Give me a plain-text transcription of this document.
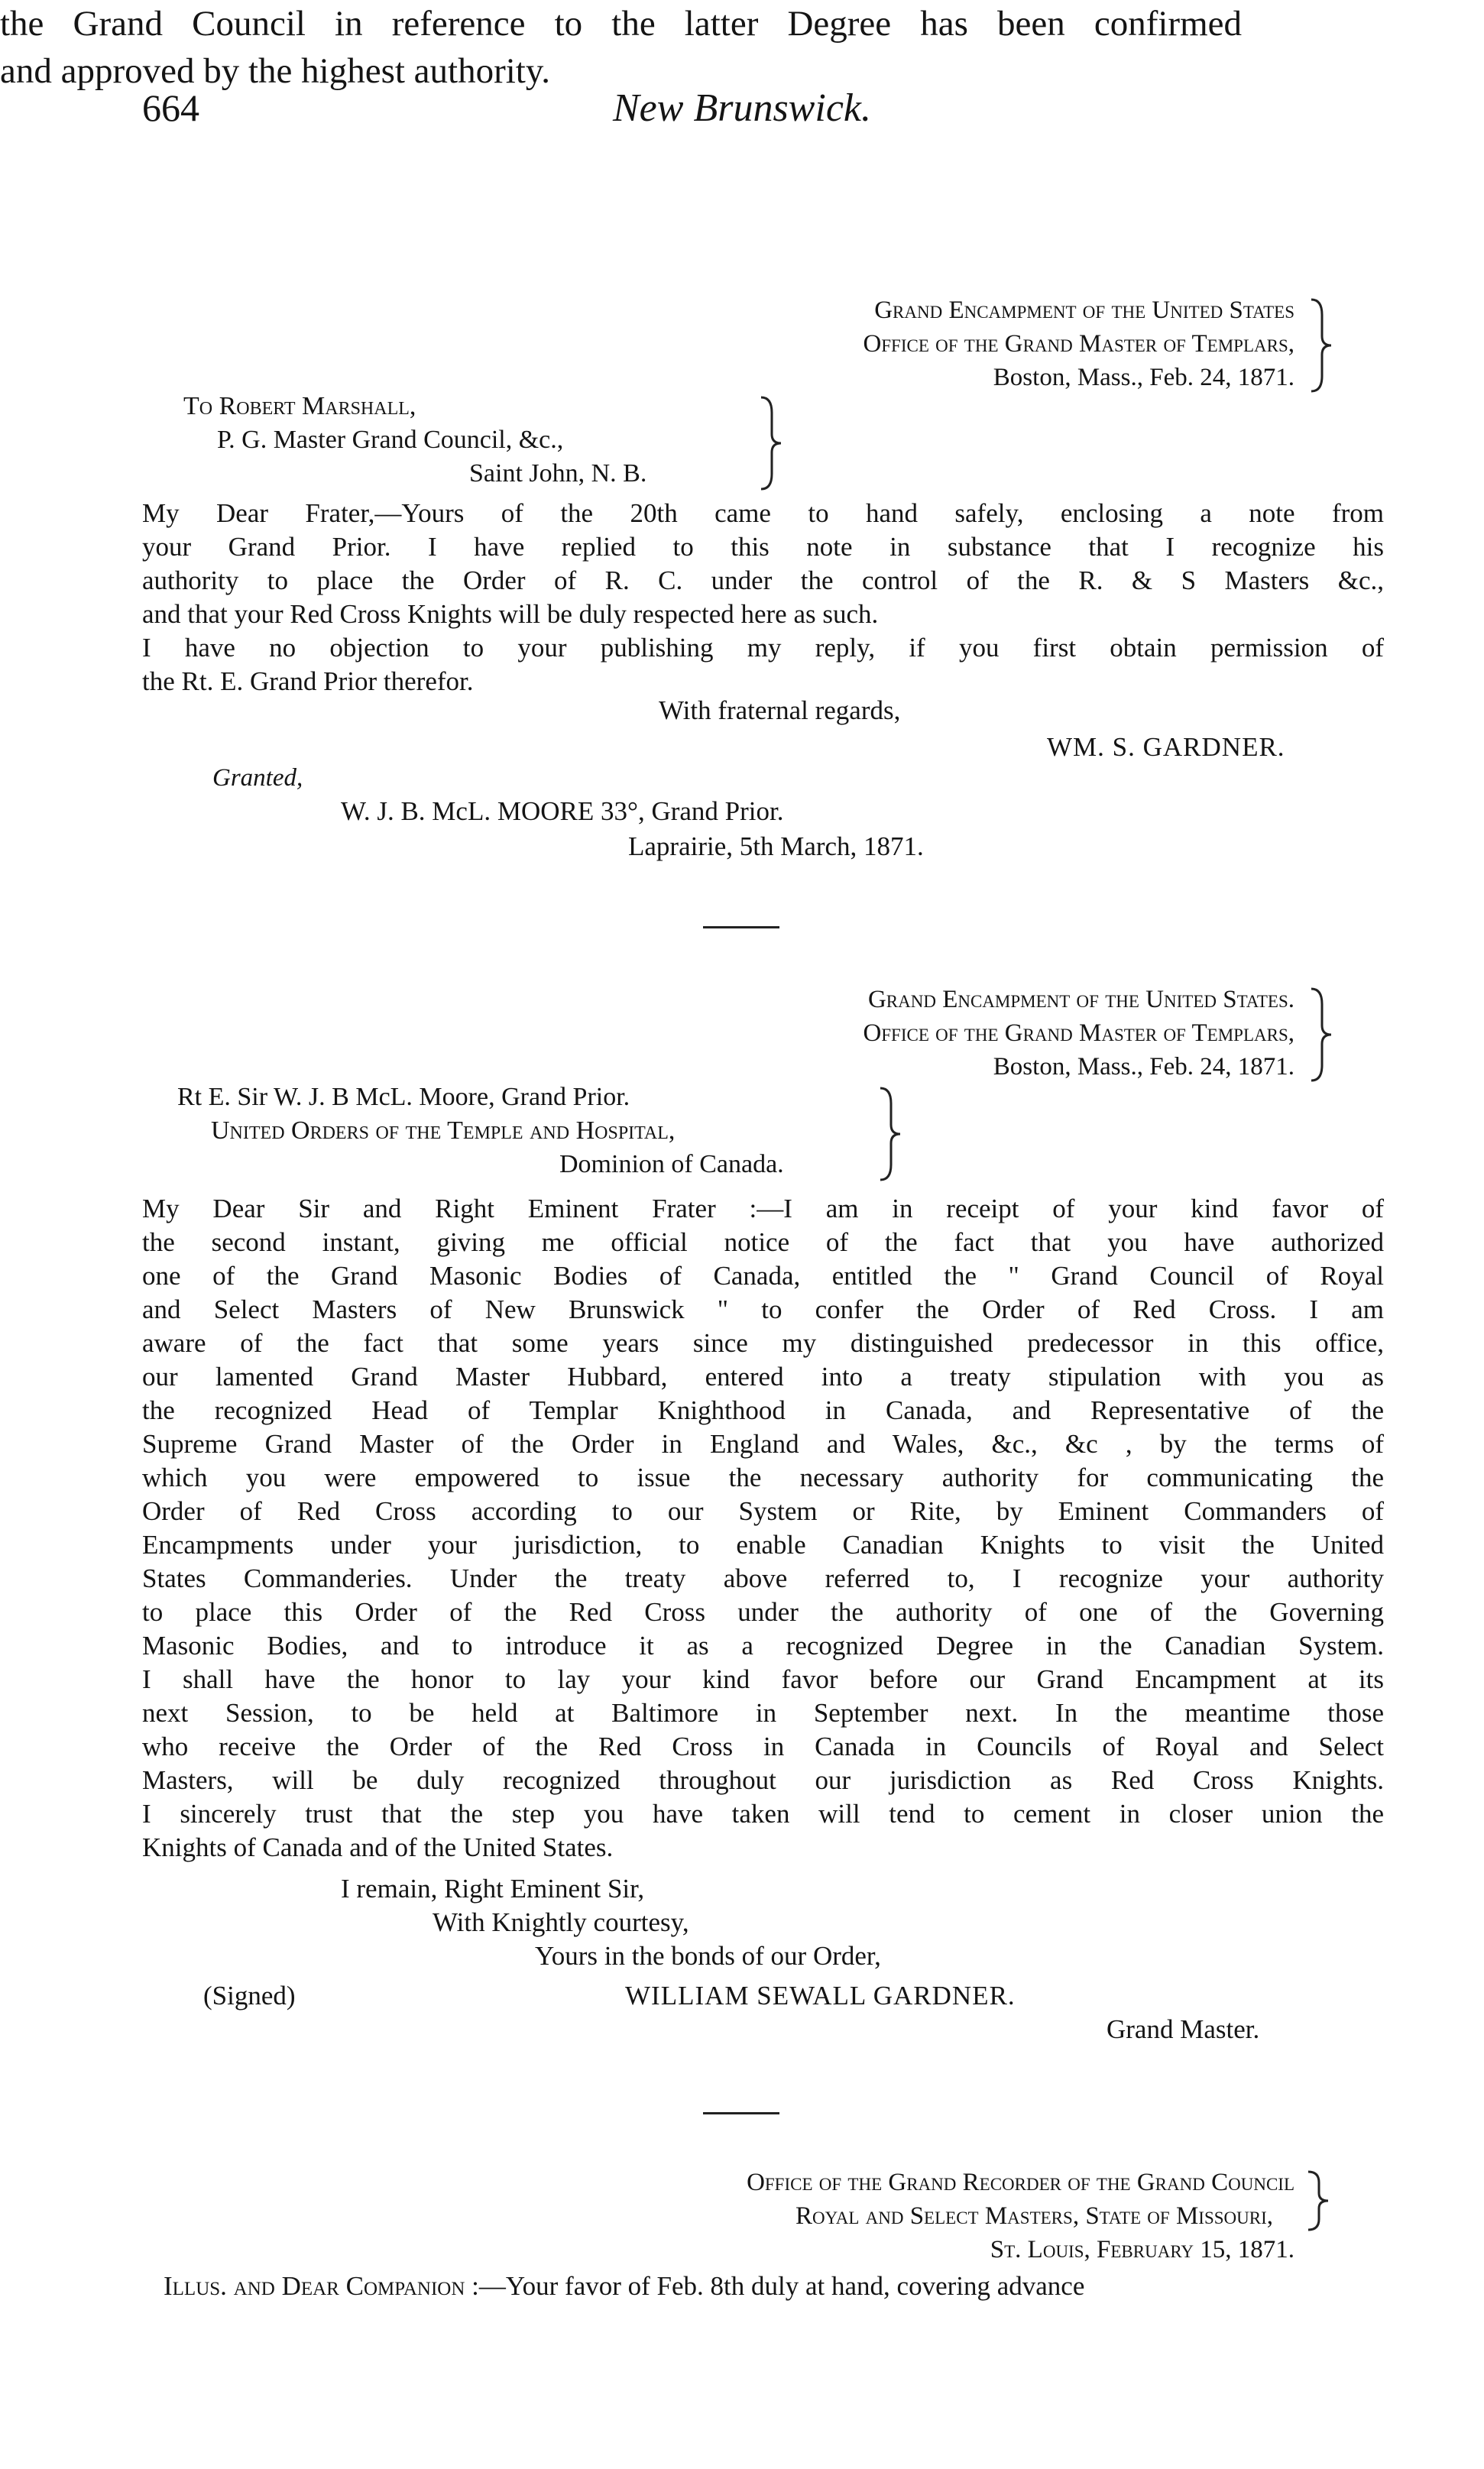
664	New Brunswick.
the Grand Council in reference to the latter Degree has been confirmed
and approved by the highest authority.
Grand Encampment of the United States
Office of the Grand Master of Templars,
Boston, Mass., Feb. 24, 1871.
To Robert Marshall,
P. G. Master Grand Council, &c.,
Saint John, N. B.
My Dear Frater,—Yours of the 20th came to hand safely, enclosing a note from
your Grand Prior. I have replied to this note in substance that I recognize his
authority to place the Order of R. C. under the control of the R. & S Masters &c.,
and that your Red Cross Knights will be duly respected here as such.
I have no objection to your publishing my reply, if you first obtain permission of
the Rt. E. Grand Prior therefor.
With fraternal regards,
WM. S. GARDNER.
Granted,
W. J. B. McL. MOORE 33°, Grand Prior.
Laprairie, 5th March, 1871.
Grand Encampment of the United States.
Office of the Grand Master of Templars,
Boston, Mass., Feb. 24, 1871.
Rt E. Sir W. J. B McL. Moore, Grand Prior.
United Orders of the Temple and Hospital,
Dominion of Canada.
My Dear Sir and Right Eminent Frater :—I am in receipt of your kind favor of
the second instant, giving me official notice of the fact that you have authorized
one of the Grand Masonic Bodies of Canada, entitled the " Grand Council of Royal
and Select Masters of New Brunswick " to confer the Order of Red Cross. I am
aware of the fact that some years since my distinguished predecessor in this office,
our lamented Grand Master Hubbard, entered into a treaty stipulation with you as
the recognized Head of Templar Knighthood in Canada, and Representative of the
Supreme Grand Master of the Order in England and Wales, &c., &c , by the terms of
which you were empowered to issue the necessary authority for communicating the
Order of Red Cross according to our System or Rite, by Eminent Commanders of
Encampments under your jurisdiction, to enable Canadian Knights to visit the United
States Commanderies. Under the treaty above referred to, I recognize your authority
to place this Order of the Red Cross under the authority of one of the Governing
Masonic Bodies, and to introduce it as a recognized Degree in the Canadian System.
I shall have the honor to lay your kind favor before our Grand Encampment at its
next Session, to be held at Baltimore in September next. In the meantime those
who receive the Order of the Red Cross in Canada in Councils of Royal and Select
Masters, will be duly recognized throughout our jurisdiction as Red Cross Knights.
I sincerely trust that the step you have taken will tend to cement in closer union the
Knights of Canada and of the United States.
I remain, Right Eminent Sir,
With Knightly courtesy,
Yours in the bonds of our Order,
(Signed)	WILLIAM SEWALL GARDNER.
Grand Master.
Office of the Grand Recorder of the Grand Council
Royal and Select Masters, State of Missouri,
St. Louis, February 15, 1871.
Illus. and Dear Companion :—Your favor of Feb. 8th duly at hand, covering advance
